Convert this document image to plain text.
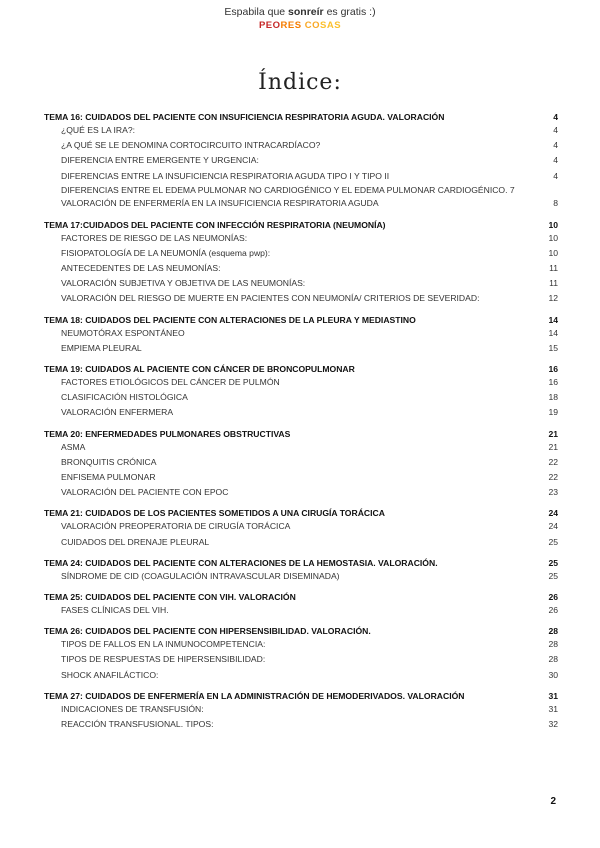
Espabila que sonreír es gratis :)
PEORES COSAS
Índice:
TEMA 16: CUIDADOS DEL PACIENTE CON INSUFICIENCIA RESPIRATORIA AGUDA. VALORACIÓN	4
¿QUÉ ES LA IRA?:	4
¿A QUÉ SE LE DENOMINA CORTOCIRCUITO INTRACARDÍACO?	4
DIFERENCIA ENTRE EMERGENTE Y URGENCIA:	4
DIFERENCIAS ENTRE LA INSUFICIENCIA RESPIRATORIA AGUDA TIPO I Y TIPO II	4
DIFERENCIAS ENTRE EL EDEMA PULMONAR NO CARDIOGÉNICO Y EL EDEMA PULMONAR CARDIOGÉNICO. 7
VALORACIÓN DE ENFERMERÍA EN LA INSUFICIENCIA RESPIRATORIA AGUDA	8
TEMA 17:CUIDADOS DEL PACIENTE CON INFECCIÓN RESPIRATORIA (NEUMONÍA)	10
FACTORES DE RIESGO DE LAS NEUMONÍAS:	10
FISIOPATOLOGÍA DE LA NEUMONÍA (esquema pwp):	10
ANTECEDENTES DE LAS NEUMONÍAS:	11
VALORACIÓN SUBJETIVA Y OBJETIVA DE LAS NEUMONÍAS:	11
VALORACIÓN DEL RIESGO DE MUERTE EN PACIENTES CON NEUMONÍA/ CRITERIOS DE SEVERIDAD:	12
TEMA 18: CUIDADOS DEL PACIENTE CON ALTERACIONES DE LA PLEURA Y MEDIASTINO	14
NEUMOTÓRAX ESPONTÁNEO	14
EMPIEMA PLEURAL	15
TEMA 19: CUIDADOS AL PACIENTE CON CÁNCER DE BRONCOPULMONAR	16
FACTORES ETIOLÓGICOS DEL CÁNCER DE PULMÓN	16
CLASIFICACIÓN HISTOLÓGICA	18
VALORACIÓN ENFERMERA	19
TEMA 20: ENFERMEDADES PULMONARES OBSTRUCTIVAS	21
ASMA	21
BRONQUITIS CRÓNICA	22
ENFISEMA PULMONAR	22
VALORACIÓN DEL PACIENTE CON EPOC	23
TEMA 21: CUIDADOS DE LOS PACIENTES SOMETIDOS A UNA CIRUGÍA TORÁCICA	24
VALORACIÓN PREOPERATORIA DE CIRUGÍA TORÁCICA	24
CUIDADOS DEL DRENAJE PLEURAL	25
TEMA 24: CUIDADOS DEL PACIENTE CON ALTERACIONES DE LA HEMOSTASIA. VALORACIÓN.	25
SÍNDROME DE CID (COAGULACIÓN INTRAVASCULAR DISEMINADA)	25
TEMA 25: CUIDADOS DEL PACIENTE CON VIH. VALORACIÓN	26
FASES CLÍNICAS DEL VIH.	26
TEMA 26: CUIDADOS DEL PACIENTE CON HIPERSENSIBILIDAD. VALORACIÓN.	28
TIPOS DE FALLOS EN LA INMUNOCOMPETENCIA:	28
TIPOS DE RESPUESTAS DE HIPERSENSIBILIDAD:	28
SHOCK ANAFILÁCTICO:	30
TEMA 27: CUIDADOS DE ENFERMERÍA EN LA ADMINISTRACIÓN DE HEMODERIVADOS. VALORACIÓN	31
INDICACIONES DE TRANSFUSIÓN:	31
REACCIÓN TRANSFUSIONAL. TIPOS:	32
2
